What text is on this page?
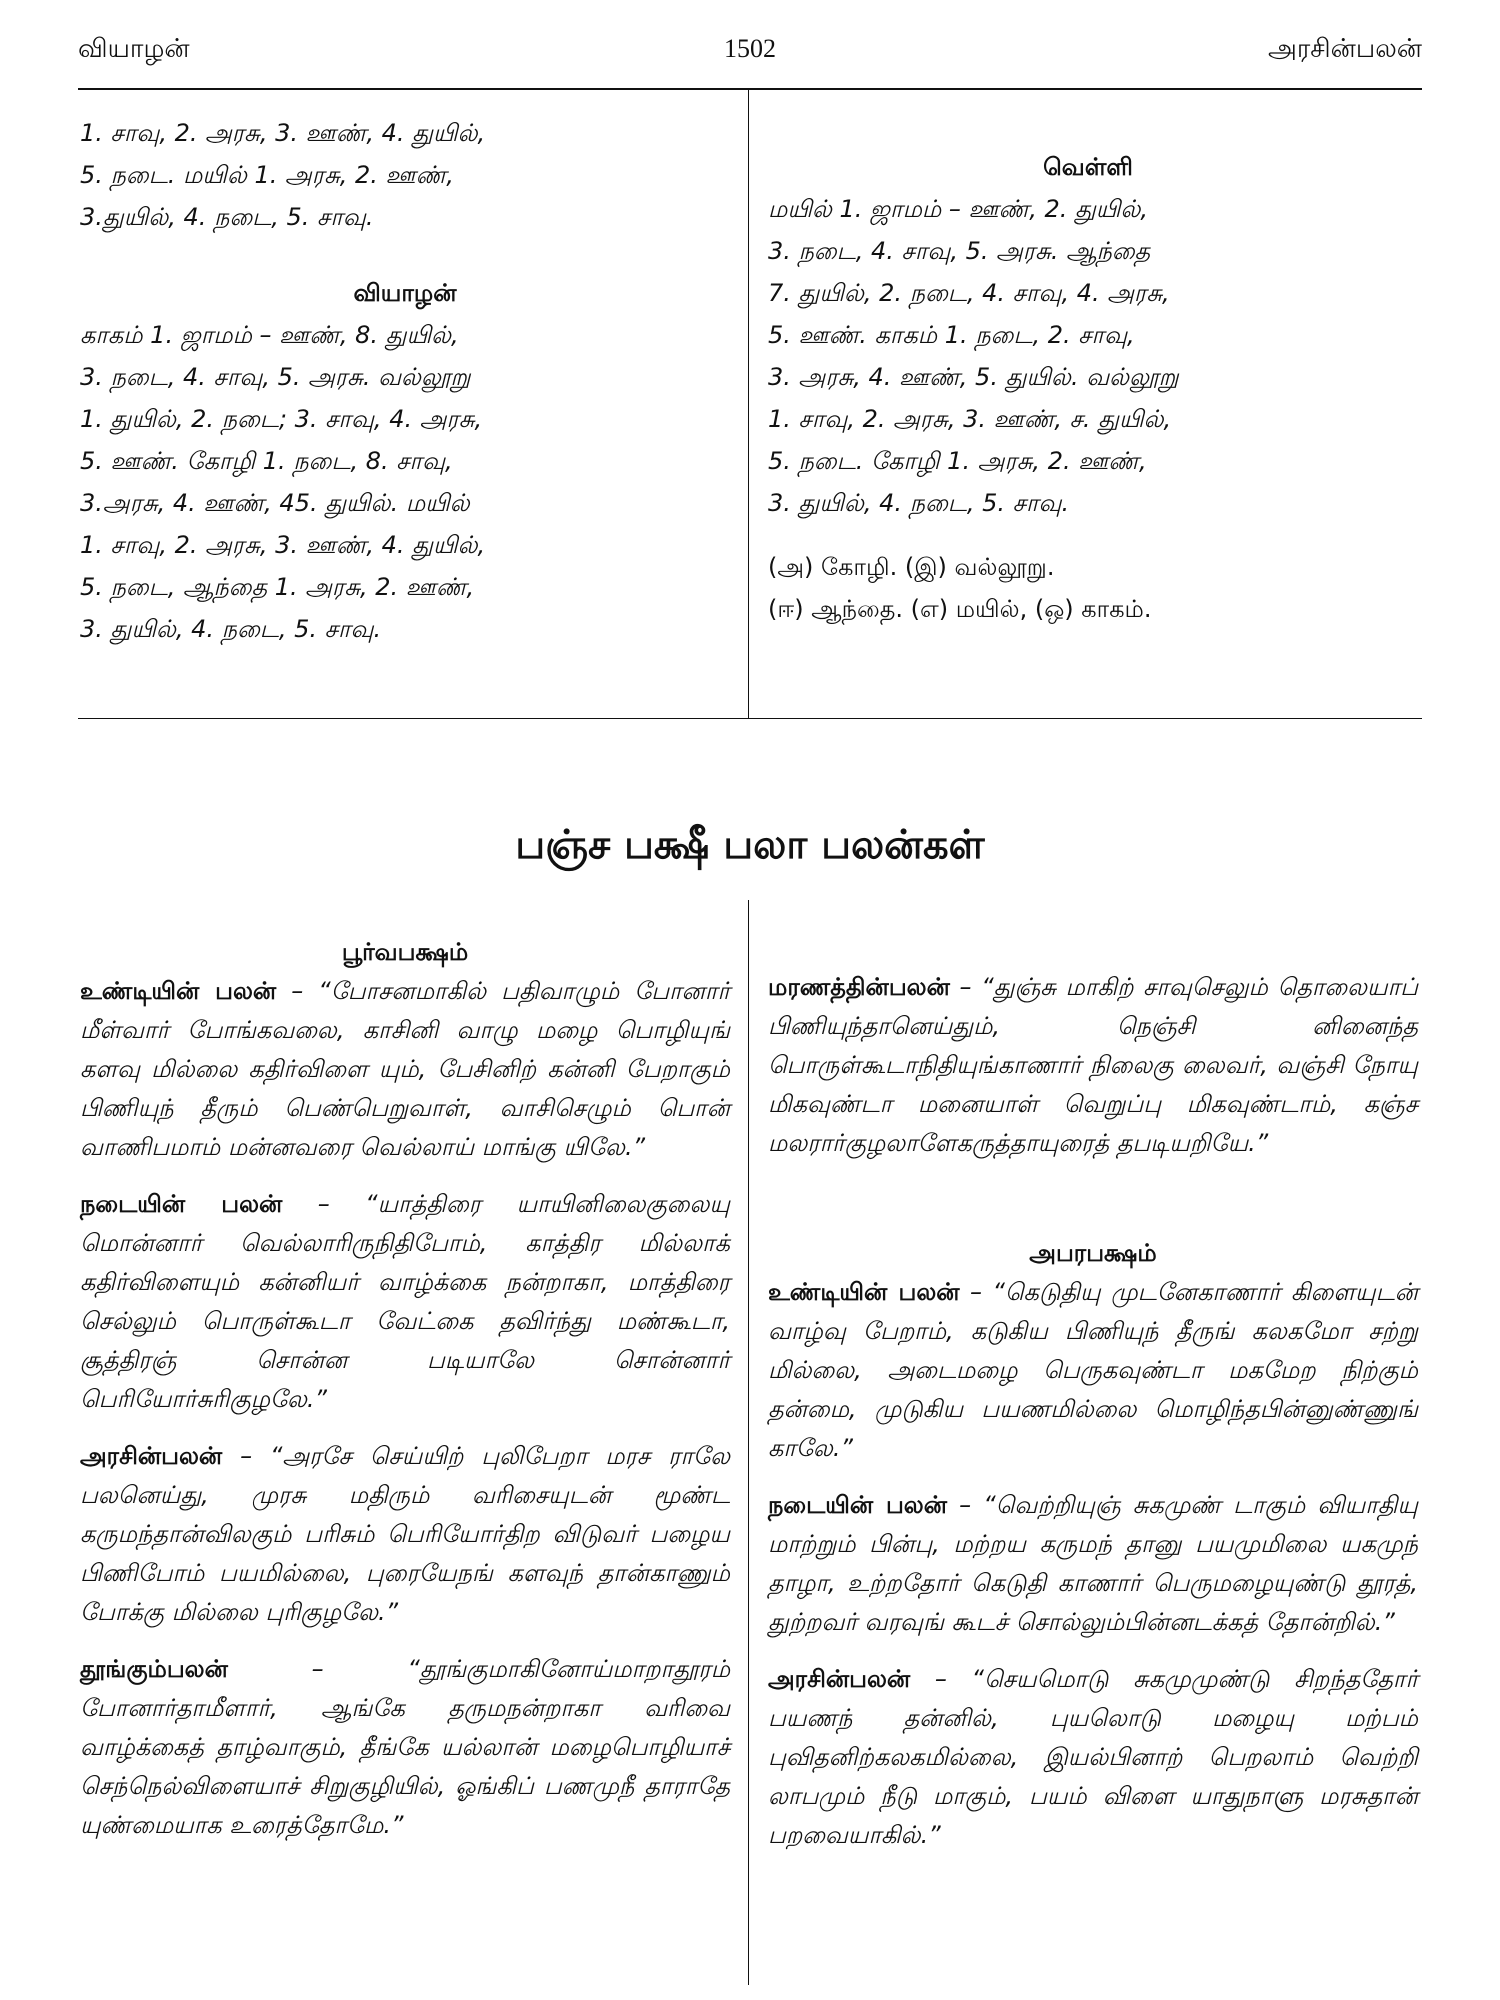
வியாழன்	1502	அரசின்பலன்
1. சாவு, 2. அரசு, 3. ஊண், 4. துயில்,
5. நடை. மயில் 1. அரசு, 2. ஊண்,
3.துயில், 4. நடை, 5. சாவு.
வியாழன்
காகம் 1. ஜாமம் – ஊண், 8. துயில்,
3. நடை, 4. சாவு, 5. அரசு. வல்லூறு
1. துயில், 2. நடை; 3. சாவு, 4. அரசு,
5. ஊண். கோழி 1. நடை, 8. சாவு,
3.அரசு, 4. ஊண், 45. துயில். மயில்
1. சாவு, 2. அரசு, 3. ஊண், 4. துயில்,
5. நடை, ஆந்தை 1. அரசு, 2. ஊண்,
3. துயில், 4. நடை, 5. சாவு.
வெள்ளி
மயில் 1. ஜாமம் – ஊண், 2. துயில்,
3. நடை, 4. சாவு, 5. அரசு. ஆந்தை
7. துயில், 2. நடை, 4. சாவு, 4. அரசு,
5. ஊண். காகம் 1. நடை, 2. சாவு,
3. அரசு, 4. ஊண், 5. துயில். வல்லூறு
1. சாவு, 2. அரசு, 3. ஊண், ச. துயில்,
5. நடை. கோழி 1. அரசு, 2. ஊண்,
3. துயில், 4. நடை, 5. சாவு.
(அ) கோழி. (இ) வல்லூறு.
(ஈ) ஆந்தை. (எ) மயில், (ஒ) காகம்.
பஞ்ச பக்ஷீ பலா பலன்கள்
பூர்வபக்ஷம்
உண்டியின் பலன் – “போசனமாகில் பதிவாழும் போனார் மீள்வார் போங்கவலை, காசினி வாழு மழை பொழியுங் களவு மில்லை கதிர்விளை யும், பேசினிற் கன்னி பேறாகும் பிணியுந் தீரும் பெண்பெறுவாள், வாசிசெழும் பொன் வாணிபமாம் மன்னவரை வெல்லாய் மாங்கு யிலே.”
நடையின் பலன் – “யாத்திரை யாயினிலைகுலையு மொன்னார் வெல்லாரிருநிதிபோம், காத்திர மில்லாக் கதிர்விளையும் கன்னியர் வாழ்க்கை நன்றாகா, மாத்திரை செல்லும் பொருள்கூடா வேட்கை தவிர்ந்து மண்கூடா, சூத்திரஞ் சொன்ன படியாலே சொன்னார் பெரியோர்சுரிகுழலே.”
அரசின்பலன் – “அரசே செய்யிற் புலிபேறா மரச ராலே பலனெய்து, முரசு மதிரும் வரிசையுடன் மூண்ட கருமந்தான்விலகும் பரிசும் பெரியோர்திற விடுவர் பழைய பிணிபோம் பயமில்லை, புரையேநங் களவுந் தான்காணும் போக்கு மில்லை புரிகுழலே.”
தூங்கும்பலன்	– “தூங்குமாகினோய்மாறாதூரம் போனார்தாமீளார், ஆங்கே தருமநன்றாகா வரிவை வாழ்க்கைத் தாழ்வாகும், தீங்கே யல்லான் மழைபொழியாச் செந்நெல்விளையாச் சிறுகுழியில், ஓங்கிப் பணமுநீ தாராதே யுண்மையாக உரைத்தோமே.”
மரணத்தின்பலன் – “துஞ்சு மாகிற் சாவுசெலும் தொலையாப் பிணியுந்தானெய்தும், நெஞ்சி னினைந்த பொருள்கூடாநிதியுங்காணார் நிலைகு லைவர், வஞ்சி நோயு மிகவுண்டா மனையாள் வெறுப்பு மிகவுண்டாம், கஞ்ச மலரார்குழலாளேகருத்தாயுரைத் தபடியறியே.”
அபரபக்ஷம்
உண்டியின் பலன் – “கெடுதியு முடனேகாணார் கிளையுடன் வாழ்வு பேறாம், கடுகிய பிணியுந் தீருங் கலகமோ சற்று மில்லை, அடைமழை பெருகவுண்டா மகமேற நிற்கும் தன்மை, முடுகிய பயணமில்லை மொழிந்தபின்னுண்ணுங் காலே.”
நடையின் பலன் – “வெற்றியுஞ் சுகமுண் டாகும் வியாதியு மாற்றும் பின்பு, மற்றய கருமந் தானு பயமுமிலை யகமுந் தாழா, உற்றதோர் கெடுதி காணார் பெருமழையுண்டு தூரத், துற்றவர் வரவுங் கூடச் சொல்லும்பின்னடக்கத் தோன்றில்.”
அரசின்பலன் – “செயமொடு சுகமுமுண்டு சிறந்ததோர் பயணந் தன்னில், புயலொடு மழையு மற்பம் புவிதனிற்கலகமில்லை, இயல்பினாற் பெறலாம் வெற்றி லாபமும் நீடு மாகும், பயம் விளை யாதுநாளு மரசுதான் பறவையாகில்.”
